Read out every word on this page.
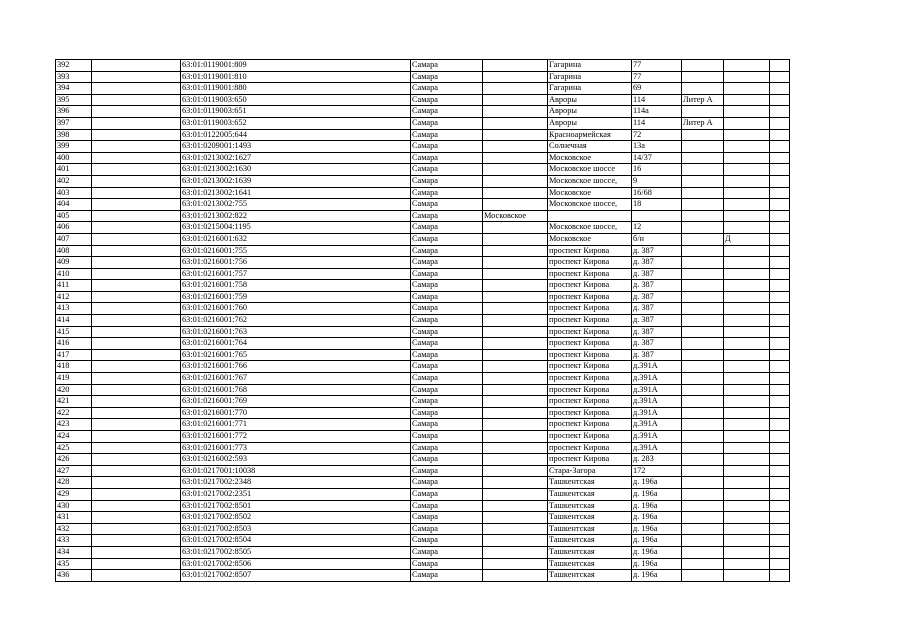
392		63:01:0119001:809	Самара		Гагарина	77			
393		63:01:0119001:810	Самара		Гагарина	77			
394		63:01:0119001:880	Самара		Гагарина	69			
395		63:01:0119003:650	Самара		Авроры	114	Литер А		
396		63:01:0119003:651	Самара		Авроры	114а			
397		63:01:0119003:652	Самара		Авроры	114	Литер А		
398		63:01:0122005:644	Самара		Красноармейская	72			
399		63:01:0209001:1493	Самара		Солнечная	13а			
400		63:01:0213002:1627	Самара		Московское	14/37			
401		63:01:0213002:1630	Самара		Московское шоссе	16			
402		63:01:0213002:1639	Самара		Московское шоссе,	9			
403		63:01:0213002:1641	Самара		Московское	16/68			
404		63:01:0213002:755	Самара		Московское шоссе,	18			
405		63:01:0213002:822	Самара	Московское					
406		63:01:0215004:1195	Самара		Московское шоссе,	12			
407		63:01:0216001:632	Самара		Московское	б/н		Д	
408		63:01:0216001:755	Самара		проспект Кирова	д. 387			
409		63:01:0216001:756	Самара		проспект Кирова	д. 387			
410		63:01:0216001:757	Самара		проспект Кирова	д. 387			
411		63:01:0216001:758	Самара		проспект Кирова	д. 387			
412		63:01:0216001:759	Самара		проспект Кирова	д. 387			
413		63:01:0216001:760	Самара		проспект Кирова	д. 387			
414		63:01:0216001:762	Самара		проспект Кирова	д. 387			
415		63:01:0216001:763	Самара		проспект Кирова	д. 387			
416		63:01:0216001:764	Самара		проспект Кирова	д. 387			
417		63:01:0216001:765	Самара		проспект Кирова	д. 387			
418		63:01:0216001:766	Самара		проспект Кирова	д.391А			
419		63:01:0216001:767	Самара		проспект Кирова	д.391А			
420		63:01:0216001:768	Самара		проспект Кирова	д.391А			
421		63:01:0216001:769	Самара		проспект Кирова	д.391А			
422		63:01:0216001:770	Самара		проспект Кирова	д.391А			
423		63:01:0216001:771	Самара		проспект Кирова	д.391А			
424		63:01:0216001:772	Самара		проспект Кирова	д.391А			
425		63:01:0216001:773	Самара		проспект Кирова	д.391А			
426		63:01:0216002:593	Самара		проспект Кирова	д. 283			
427		63:01:0217001:10038	Самара		Стара-Загора	172			
428		63:01:0217002:2348	Самара		Ташкентская	д. 196а			
429		63:01:0217002:2351	Самара		Ташкентская	д. 196а			
430		63:01:0217002:8501	Самара		Ташкентская	д. 196а			
431		63:01:0217002:8502	Самара		Ташкентская	д. 196а			
432		63:01:0217002:8503	Самара		Ташкентская	д. 196а			
433		63:01:0217002:8504	Самара		Ташкентская	д. 196а			
434		63:01:0217002:8505	Самара		Ташкентская	д. 196а			
435		63:01:0217002:8506	Самара		Ташкентская	д. 196а			
436		63:01:0217002:8507	Самара		Ташкентская	д. 196а			
